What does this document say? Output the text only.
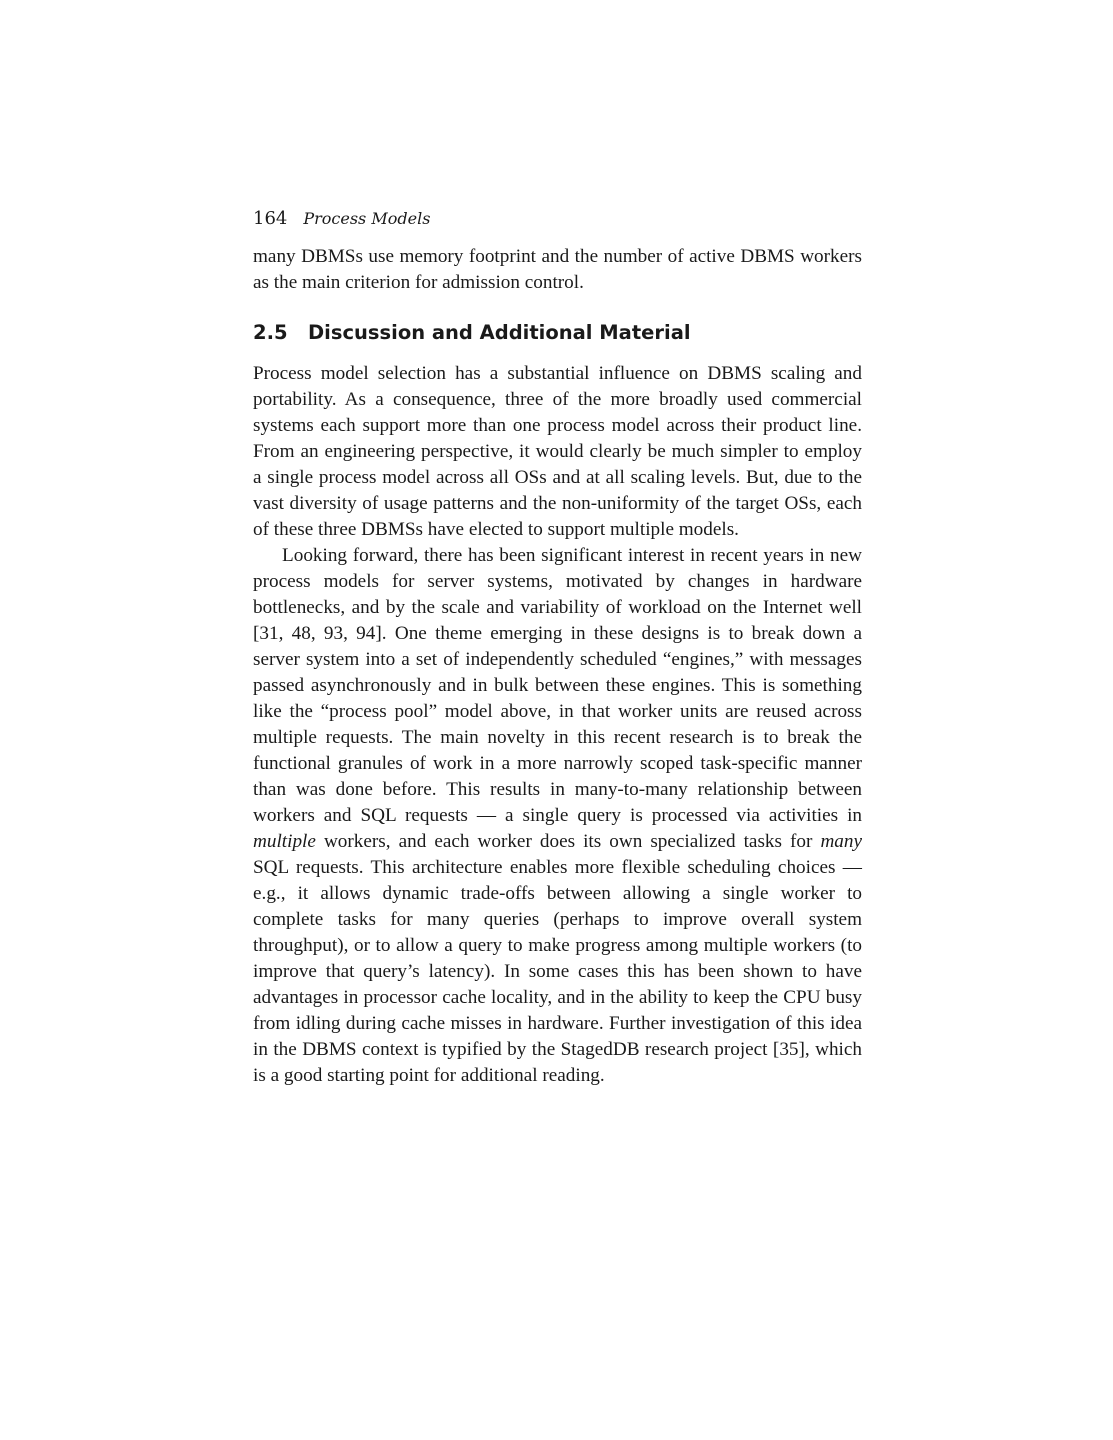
164 Process Models

many DBMSs use memory footprint and the number of active DBMS workers as the main criterion for admission control.

2.5 Discussion and Additional Material

Process model selection has a substantial influence on DBMS scaling and portability. As a consequence, three of the more broadly used commercial systems each support more than one process model across their product line. From an engineering perspective, it would clearly be much simpler to employ a single process model across all OSs and at all scaling levels. But, due to the vast diversity of usage patterns and the non-uniformity of the target OSs, each of these three DBMSs have elected to support multiple models.

Looking forward, there has been significant interest in recent years in new process models for server systems, motivated by changes in hardware bottlenecks, and by the scale and variability of workload on the Internet well [31, 48, 93, 94]. One theme emerging in these designs is to break down a server system into a set of independently scheduled “engines,” with messages passed asynchronously and in bulk between these engines. This is something like the “process pool” model above, in that worker units are reused across multiple requests. The main novelty in this recent research is to break the functional granules of work in a more narrowly scoped task-specific manner than was done before. This results in many-to-many relationship between workers and SQL requests — a single query is processed via activities in multiple workers, and each worker does its own specialized tasks for many SQL requests. This architecture enables more flexible scheduling choices — e.g., it allows dynamic trade-offs between allowing a single worker to complete tasks for many queries (perhaps to improve overall system throughput), or to allow a query to make progress among multiple workers (to improve that query’s latency). In some cases this has been shown to have advantages in processor cache locality, and in the ability to keep the CPU busy from idling during cache misses in hardware. Further investigation of this idea in the DBMS context is typified by the StagedDB research project [35], which is a good starting point for additional reading.
